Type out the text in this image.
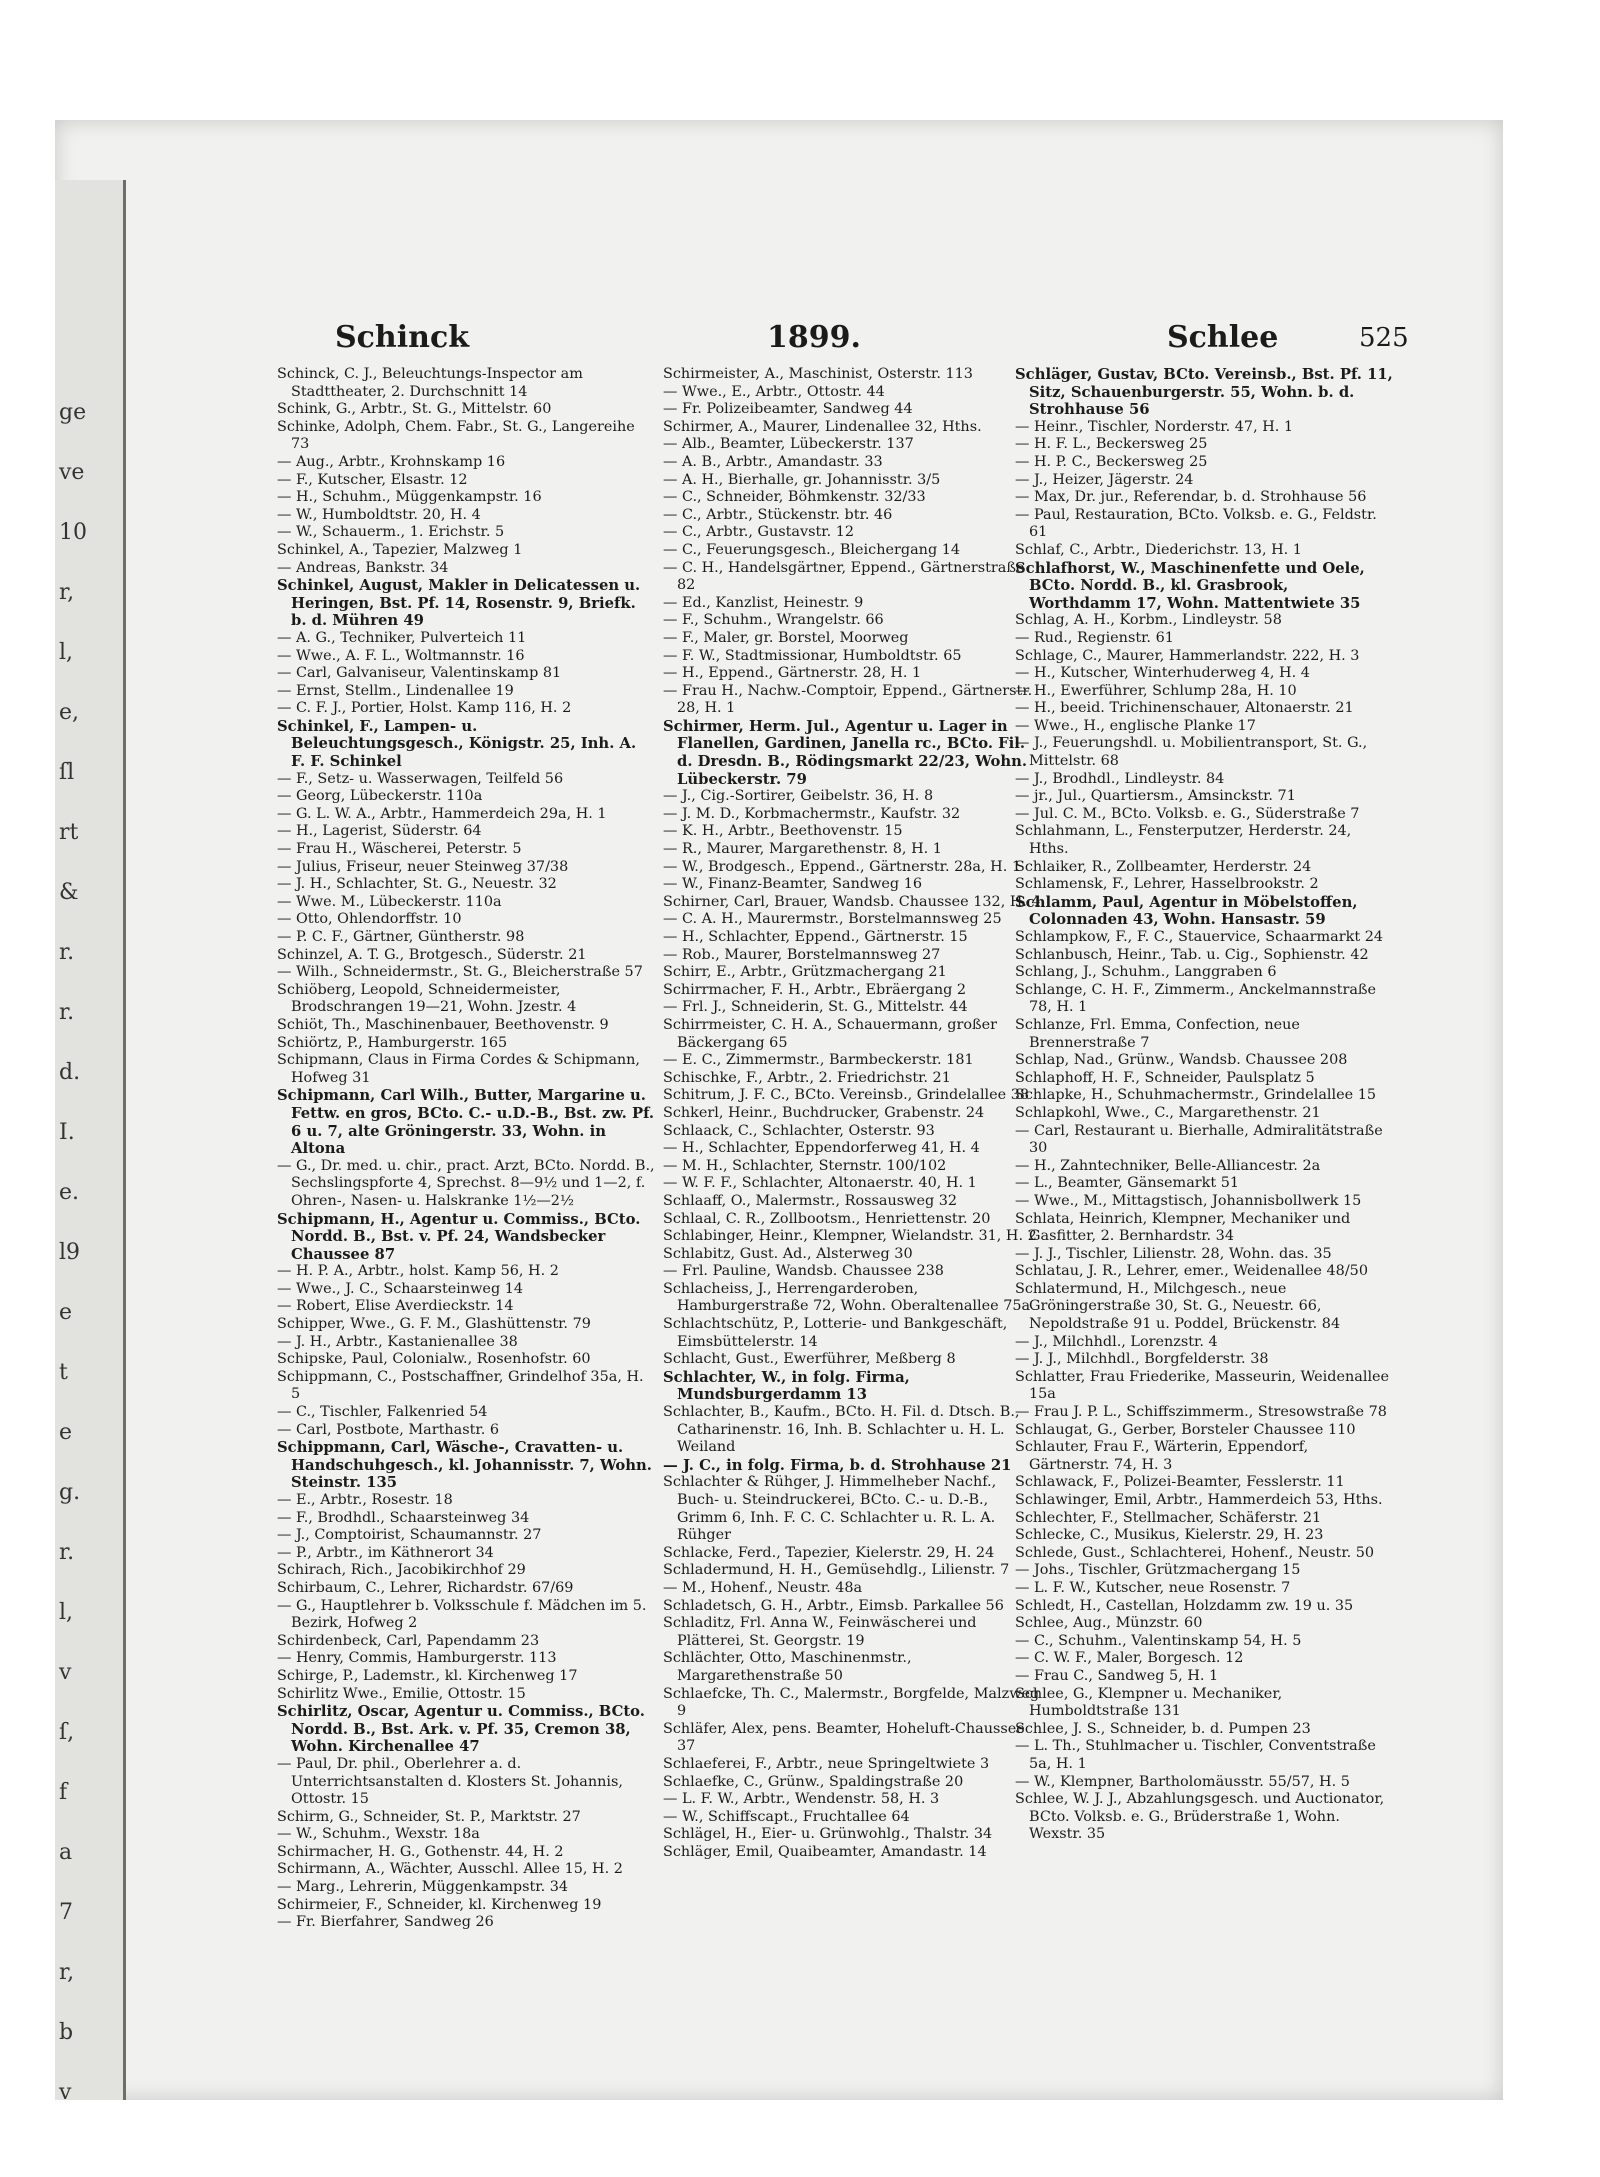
ge
ve
10
r,
l,
e,
ſl
rt
&
r.
r.
d.
I.
e.
l9
e
t
e
g.
r.
l,
v
ſ,
f
a
7
r,
b
v
Schinck	1899.	Schlee	525

Schinck, C. J., Beleuchtungs-Inspector am Stadttheater, 2. Durchschnitt 14

Schink, G., Arbtr., St. G., Mittelstr. 60

Schinke, Adolph, Chem. Fabr., St. G., Langereihe 73

— Aug., Arbtr., Krohnskamp 16

— F., Kutscher, Elsastr. 12

— H., Schuhm., Müggenkampstr. 16

— W., Humboldtstr. 20, H. 4

— W., Schauerm., 1. Erichstr. 5

Schinkel, A., Tapezier, Malzweg 1

— Andreas, Bankstr. 34

Schinkel, August, Makler in Delicatessen u. Heringen, Bst. Pf. 14, Rosenstr. 9, Briefk. b. d. Mühren 49

— A. G., Techniker, Pulverteich 11

— Wwe., A. F. L., Woltmannstr. 16

— Carl, Galvaniseur, Valentinskamp 81

— Ernst, Stellm., Lindenallee 19

— C. F. J., Portier, Holst. Kamp 116, H. 2

Schinkel, F., Lampen- u. Beleuchtungsgesch., Königstr. 25, Inh. A. F. F. Schinkel

— F., Setz- u. Wasserwagen, Teilfeld 56

— Georg, Lübeckerstr. 110a

— G. L. W. A., Arbtr., Hammerdeich 29a, H. 1

— H., Lagerist, Süderstr. 64

— Frau H., Wäscherei, Peterstr. 5

— Julius, Friseur, neuer Steinweg 37/38

— J. H., Schlachter, St. G., Neuestr. 32

— Wwe. M., Lübeckerstr. 110a

— Otto, Ohlendorffstr. 10

— P. C. F., Gärtner, Güntherstr. 98

Schinzel, A. T. G., Brotgesch., Süderstr. 21

— Wilh., Schneidermstr., St. G., Bleicherstraße 57

Schiöberg, Leopold, Schneidermeister, Brodschrangen 19—21, Wohn. Jzestr. 4

Schiöt, Th., Maschinenbauer, Beethovenstr. 9

Schiörtz, P., Hamburgerstr. 165

Schipmann, Claus in Firma Cordes & Schipmann, Hofweg 31

Schipmann, Carl Wilh., Butter, Margarine u. Fettw. en gros, BCto. C.- u.D.-B., Bst. zw. Pf. 6 u. 7, alte Gröningerstr. 33, Wohn. in Altona

— G., Dr. med. u. chir., pract. Arzt, BCto. Nordd. B., Sechslingspforte 4, Sprechst. 8—9½ und 1—2, f. Ohren-, Nasen- u. Halskranke 1½—2½

Schipmann, H., Agentur u. Commiss., BCto. Nordd. B., Bst. v. Pf. 24, Wandsbecker Chaussee 87

— H. P. A., Arbtr., holst. Kamp 56, H. 2

— Wwe., J. C., Schaarsteinweg 14

— Robert, Elise Averdieckstr. 14

Schipper, Wwe., G. F. M., Glashüttenstr. 79

— J. H., Arbtr., Kastanienallee 38

Schipske, Paul, Colonialw., Rosenhofstr. 60

Schippmann, C., Postschaffner, Grindelhof 35a, H. 5

— C., Tischler, Falkenried 54

— Carl, Postbote, Marthastr. 6

Schippmann, Carl, Wäsche-, Cravatten- u. Handschuhgesch., kl. Johannisstr. 7, Wohn. Steinstr. 135

— E., Arbtr., Rosestr. 18

— F., Brodhdl., Schaarsteinweg 34

— J., Comptoirist, Schaumannstr. 27

— P., Arbtr., im Käthnerort 34

Schirach, Rich., Jacobikirchhof 29

Schirbaum, C., Lehrer, Richardstr. 67/69

— G., Hauptlehrer b. Volksschule f. Mädchen im 5. Bezirk, Hofweg 2

Schirdenbeck, Carl, Papendamm 23

— Henry, Commis, Hamburgerstr. 113

Schirge, P., Lademstr., kl. Kirchenweg 17

Schirlitz Wwe., Emilie, Ottostr. 15

Schirlitz, Oscar, Agentur u. Commiss., BCto. Nordd. B., Bst. Ark. v. Pf. 35, Cremon 38, Wohn. Kirchenallee 47

— Paul, Dr. phil., Oberlehrer a. d. Unterrichtsanstalten d. Klosters St. Johannis, Ottostr. 15

Schirm, G., Schneider, St. P., Marktstr. 27

— W., Schuhm., Wexstr. 18a

Schirmacher, H. G., Gothenstr. 44, H. 2

Schirmann, A., Wächter, Ausschl. Allee 15, H. 2

— Marg., Lehrerin, Müggenkampstr. 34

Schirmeier, F., Schneider, kl. Kirchenweg 19

— Fr. Bierfahrer, Sandweg 26

Schirmeister, A., Maschinist, Osterstr. 113

— Wwe., E., Arbtr., Ottostr. 44

— Fr. Polizeibeamter, Sandweg 44

Schirmer, A., Maurer, Lindenallee 32, Hths.

— Alb., Beamter, Lübeckerstr. 137

— A. B., Arbtr., Amandastr. 33

— A. H., Bierhalle, gr. Johannisstr. 3/5

— C., Schneider, Böhmkenstr. 32/33

— C., Arbtr., Stückenstr. btr. 46

— C., Arbtr., Gustavstr. 12

— C., Feuerungsgesch., Bleichergang 14

— C. H., Handelsgärtner, Eppend., Gärtnerstraße 82

— Ed., Kanzlist, Heinestr. 9

— F., Schuhm., Wrangelstr. 66

— F., Maler, gr. Borstel, Moorweg

— F. W., Stadtmissionar, Humboldtstr. 65

— H., Eppend., Gärtnerstr. 28, H. 1

— Frau H., Nachw.-Comptoir, Eppend., Gärtnerstr. 28, H. 1

Schirmer, Herm. Jul., Agentur u. Lager in Flanellen, Gardinen, Janella rc., BCto. Fil. d. Dresdn. B., Rödingsmarkt 22/23, Wohn. Lübeckerstr. 79

— J., Cig.-Sortirer, Geibelstr. 36, H. 8

— J. M. D., Korbmachermstr., Kaufstr. 32

— K. H., Arbtr., Beethovenstr. 15

— R., Maurer, Margarethenstr. 8, H. 1

— W., Brodgesch., Eppend., Gärtnerstr. 28a, H. 1

— W., Finanz-Beamter, Sandweg 16

Schirner, Carl, Brauer, Wandsb. Chaussee 132, H. 4

— C. A. H., Maurermstr., Borstelmannsweg 25

— H., Schlachter, Eppend., Gärtnerstr. 15

— Rob., Maurer, Borstelmannsweg 27

Schirr, E., Arbtr., Grützmachergang 21

Schirrmacher, F. H., Arbtr., Ebräergang 2

— Frl. J., Schneiderin, St. G., Mittelstr. 44

Schirrmeister, C. H. A., Schauermann, großer Bäckergang 65

— E. C., Zimmermstr., Barmbeckerstr. 181

Schischke, F., Arbtr., 2. Friedrichstr. 21

Schitrum, J. F. C., BCto. Vereinsb., Grindelallee 38

Schkerl, Heinr., Buchdrucker, Grabenstr. 24

Schlaack, C., Schlachter, Osterstr. 93

— H., Schlachter, Eppendorferweg 41, H. 4

— M. H., Schlachter, Sternstr. 100/102

— W. F. F., Schlachter, Altonaerstr. 40, H. 1

Schlaaff, O., Malermstr., Rossausweg 32

Schlaal, C. R., Zollbootsm., Henriettenstr. 20

Schlabinger, Heinr., Klempner, Wielandstr. 31, H. 2

Schlabitz, Gust. Ad., Alsterweg 30

— Frl. Pauline, Wandsb. Chaussee 238

Schlacheiss, J., Herrengarderoben, Hamburgerstraße 72, Wohn. Oberaltenallee 75a

Schlachtschütz, P., Lotterie- und Bankgeschäft, Eimsbüttelerstr. 14

Schlacht, Gust., Ewerführer, Meßberg 8

Schlachter, W., in folg. Firma, Mundsburgerdamm 13

Schlachter, B., Kaufm., BCto. H. Fil. d. Dtsch. B., Catharinenstr. 16, Inh. B. Schlachter u. H. L. Weiland

— J. C., in folg. Firma, b. d. Strohhause 21

Schlachter & Rühger, J. Himmelheber Nachf., Buch- u. Steindruckerei, BCto. C.- u. D.-B., Grimm 6, Inh. F. C. C. Schlachter u. R. L. A. Rühger

Schlacke, Ferd., Tapezier, Kielerstr. 29, H. 24

Schladermund, H. H., Gemüsehdlg., Lilienstr. 7

— M., Hohenf., Neustr. 48a

Schladetsch, G. H., Arbtr., Eimsb. Parkallee 56

Schladitz, Frl. Anna W., Feinwäscherei und Plätterei, St. Georgstr. 19

Schlächter, Otto, Maschinenmstr., Margarethenstraße 50

Schlaefcke, Th. C., Malermstr., Borgfelde, Malzweg 9

Schläfer, Alex, pens. Beamter, Hoheluft-Chaussee 37

Schlaeferei, F., Arbtr., neue Springeltwiete 3

Schlaefke, C., Grünw., Spaldingstraße 20

— L. F. W., Arbtr., Wendenstr. 58, H. 3

— W., Schiffscapt., Fruchtallee 64

Schlägel, H., Eier- u. Grünwohlg., Thalstr. 34

Schläger, Emil, Quaibeamter, Amandastr. 14

Schläger, Gustav, BCto. Vereinsb., Bst. Pf. 11, Sitz, Schauenburgerstr. 55, Wohn. b. d. Strohhause 56

— Heinr., Tischler, Norderstr. 47, H. 1

— H. F. L., Beckersweg 25

— H. P. C., Beckersweg 25

— J., Heizer, Jägerstr. 24

— Max, Dr. jur., Referendar, b. d. Strohhause 56

— Paul, Restauration, BCto. Volksb. e. G., Feldstr. 61

Schlaf, C., Arbtr., Diederichstr. 13, H. 1

Schlafhorst, W., Maschinenfette und Oele, BCto. Nordd. B., kl. Grasbrook, Worthdamm 17, Wohn. Mattentwiete 35

Schlag, A. H., Korbm., Lindleystr. 58

— Rud., Regienstr. 61

Schlage, C., Maurer, Hammerlandstr. 222, H. 3

— H., Kutscher, Winterhuderweg 4, H. 4

— H., Ewerführer, Schlump 28a, H. 10

— H., beeid. Trichinenschauer, Altonaerstr. 21

— Wwe., H., englische Planke 17

— J., Feuerungshdl. u. Mobilientransport, St. G., Mittelstr. 68

— J., Brodhdl., Lindleystr. 84

— jr., Jul., Quartiersm., Amsinckstr. 71

— Jul. C. M., BCto. Volksb. e. G., Süderstraße 7

Schlahmann, L., Fensterputzer, Herderstr. 24, Hths.

Schlaiker, R., Zollbeamter, Herderstr. 24

Schlamensk, F., Lehrer, Hasselbrookstr. 2

Schlamm, Paul, Agentur in Möbelstoffen, Colonnaden 43, Wohn. Hansastr. 59

Schlampkow, F., F. C., Stauervice, Schaarmarkt 24

Schlanbusch, Heinr., Tab. u. Cig., Sophienstr. 42

Schlang, J., Schuhm., Langgraben 6

Schlange, C. H. F., Zimmerm., Anckelmannstraße 78, H. 1

Schlanze, Frl. Emma, Confection, neue Brennerstraße 7

Schlap, Nad., Grünw., Wandsb. Chaussee 208

Schlaphoff, H. F., Schneider, Paulsplatz 5

Schlapke, H., Schuhmachermstr., Grindelallee 15

Schlapkohl, Wwe., C., Margarethenstr. 21

— Carl, Restaurant u. Bierhalle, Admiralitätstraße 30

— H., Zahntechniker, Belle-Alliancestr. 2a

— L., Beamter, Gänsemarkt 51

— Wwe., M., Mittagstisch, Johannisbollwerk 15

Schlata, Heinrich, Klempner, Mechaniker und Gasfitter, 2. Bernhardstr. 34

— J. J., Tischler, Lilienstr. 28, Wohn. das. 35

Schlatau, J. R., Lehrer, emer., Weidenallee 48/50

Schlatermund, H., Milchgesch., neue Gröningerstraße 30, St. G., Neuestr. 66, Nepoldstraße 91 u. Poddel, Brückenstr. 84

— J., Milchhdl., Lorenzstr. 4

— J. J., Milchhdl., Borgfelderstr. 38

Schlatter, Frau Friederike, Masseurin, Weidenallee 15a

— Frau J. P. L., Schiffszimmerm., Stresowstraße 78

Schlaugat, G., Gerber, Borsteler Chaussee 110

Schlauter, Frau F., Wärterin, Eppendorf, Gärtnerstr. 74, H. 3

Schlawack, F., Polizei-Beamter, Fesslerstr. 11

Schlawinger, Emil, Arbtr., Hammerdeich 53, Hths.

Schlechter, F., Stellmacher, Schäferstr. 21

Schlecke, C., Musikus, Kielerstr. 29, H. 23

Schlede, Gust., Schlachterei, Hohenf., Neustr. 50

— Johs., Tischler, Grützmachergang 15

— L. F. W., Kutscher, neue Rosenstr. 7

Schledt, H., Castellan, Holzdamm zw. 19 u. 35

Schlee, Aug., Münzstr. 60

— C., Schuhm., Valentinskamp 54, H. 5

— C. W. F., Maler, Borgesch. 12

— Frau C., Sandweg 5, H. 1

Schlee, G., Klempner u. Mechaniker, Humboldtstraße 131

Schlee, J. S., Schneider, b. d. Pumpen 23

— L. Th., Stuhlmacher u. Tischler, Conventstraße 5a, H. 1

— W., Klempner, Bartholomäusstr. 55/57, H. 5

Schlee, W. J. J., Abzahlungsgesch. und Auctionator, BCto. Volksb. e. G., Brüderstraße 1, Wohn. Wexstr. 35
